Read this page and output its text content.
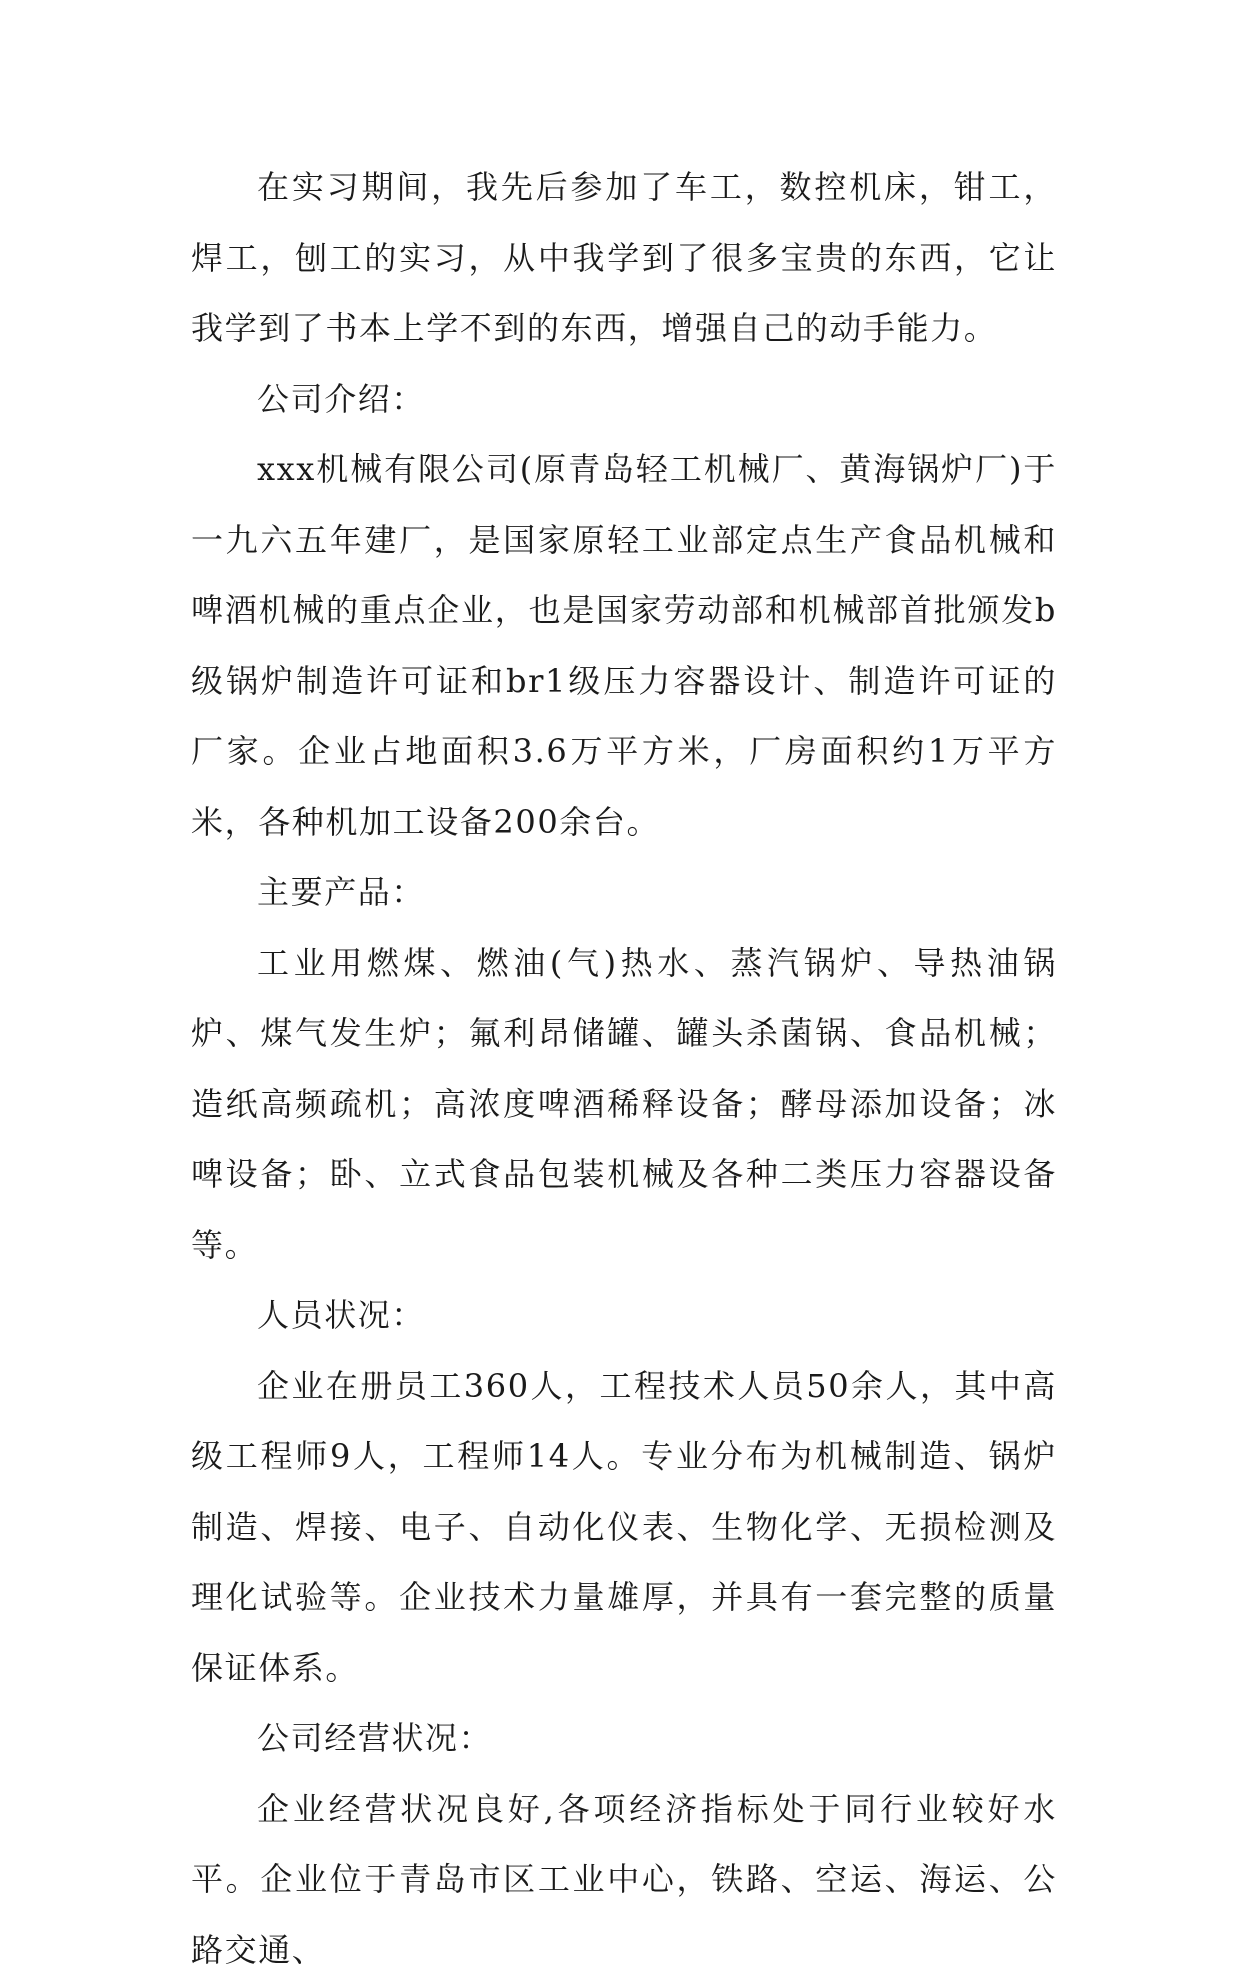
在实习期间，我先后参加了车工，数控机床，钳工，焊工，刨工的实习，从中我学到了很多宝贵的东西，它让我学到了书本上学不到的东西，增强自己的动手能力。

公司介绍：

xxx机械有限公司(原青岛轻工机械厂、黄海锅炉厂)于一九六五年建厂，是国家原轻工业部定点生产食品机械和啤酒机械的重点企业，也是国家劳动部和机械部首批颁发b级锅炉制造许可证和br1级压力容器设计、制造许可证的厂家。企业占地面积3.6万平方米，厂房面积约1万平方米，各种机加工设备200余台。

主要产品：

工业用燃煤、燃油(气)热水、蒸汽锅炉、导热油锅炉、煤气发生炉；氟利昂储罐、罐头杀菌锅、食品机械；造纸高频疏机；高浓度啤酒稀释设备；酵母添加设备；冰啤设备；卧、立式食品包装机械及各种二类压力容器设备等。

人员状况：

企业在册员工360人，工程技术人员50余人，其中高级工程师9人，工程师14人。专业分布为机械制造、锅炉制造、焊接、电子、自动化仪表、生物化学、无损检测及理化试验等。企业技术力量雄厚，并具有一套完整的质量保证体系。

公司经营状况：

企业经营状况良好,各项经济指标处于同行业较好水平。企业位于青岛市区工业中心，铁路、空运、海运、公路交通、
